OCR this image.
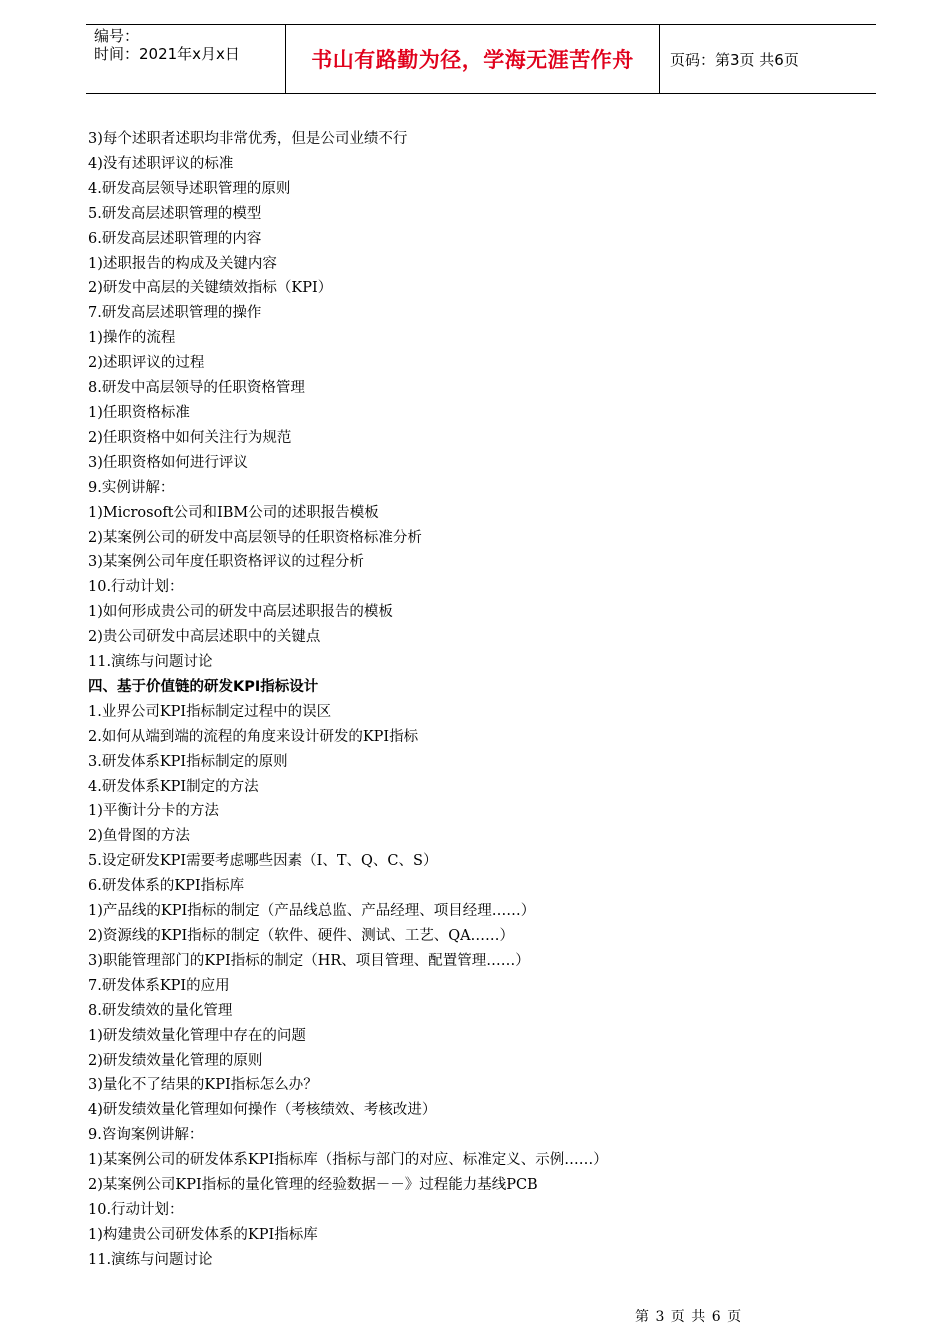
编号：
时间：2021年x月x日	书山有路勤为径，学海无涯苦作舟	页码：第3页 共6页
3)每个述职者述职均非常优秀，但是公司业绩不行
4)没有述职评议的标准
4.研发高层领导述职管理的原则
5.研发高层述职管理的模型
6.研发高层述职管理的内容
1)述职报告的构成及关键内容
2)研发中高层的关键绩效指标（KPI）
7.研发高层述职管理的操作
1)操作的流程
2)述职评议的过程
8.研发中高层领导的任职资格管理
1)任职资格标准
2)任职资格中如何关注行为规范
3)任职资格如何进行评议
9.实例讲解：
1)Microsoft公司和IBM公司的述职报告模板
2)某案例公司的研发中高层领导的任职资格标准分析
3)某案例公司年度任职资格评议的过程分析
10.行动计划：
1)如何形成贵公司的研发中高层述职报告的模板
2)贵公司研发中高层述职中的关键点
11.演练与问题讨论
四、基于价值链的研发KPI指标设计
1.业界公司KPI指标制定过程中的误区
2.如何从端到端的流程的角度来设计研发的KPI指标
3.研发体系KPI指标制定的原则
4.研发体系KPI制定的方法
1)平衡计分卡的方法
2)鱼骨图的方法
5.设定研发KPI需要考虑哪些因素（I、T、Q、C、S）
6.研发体系的KPI指标库
1)产品线的KPI指标的制定（产品线总监、产品经理、项目经理……）
2)资源线的KPI指标的制定（软件、硬件、测试、工艺、QA……）
3)职能管理部门的KPI指标的制定（HR、项目管理、配置管理……）
7.研发体系KPI的应用
8.研发绩效的量化管理
1)研发绩效量化管理中存在的问题
2)研发绩效量化管理的原则
3)量化不了结果的KPI指标怎么办？
4)研发绩效量化管理如何操作（考核绩效、考核改进）
9.咨询案例讲解：
1)某案例公司的研发体系KPI指标库（指标与部门的对应、标准定义、示例……）
2)某案例公司KPI指标的量化管理的经验数据－－》过程能力基线PCB
10.行动计划：
1)构建贵公司研发体系的KPI指标库
11.演练与问题讨论
第 3 页 共 6 页
